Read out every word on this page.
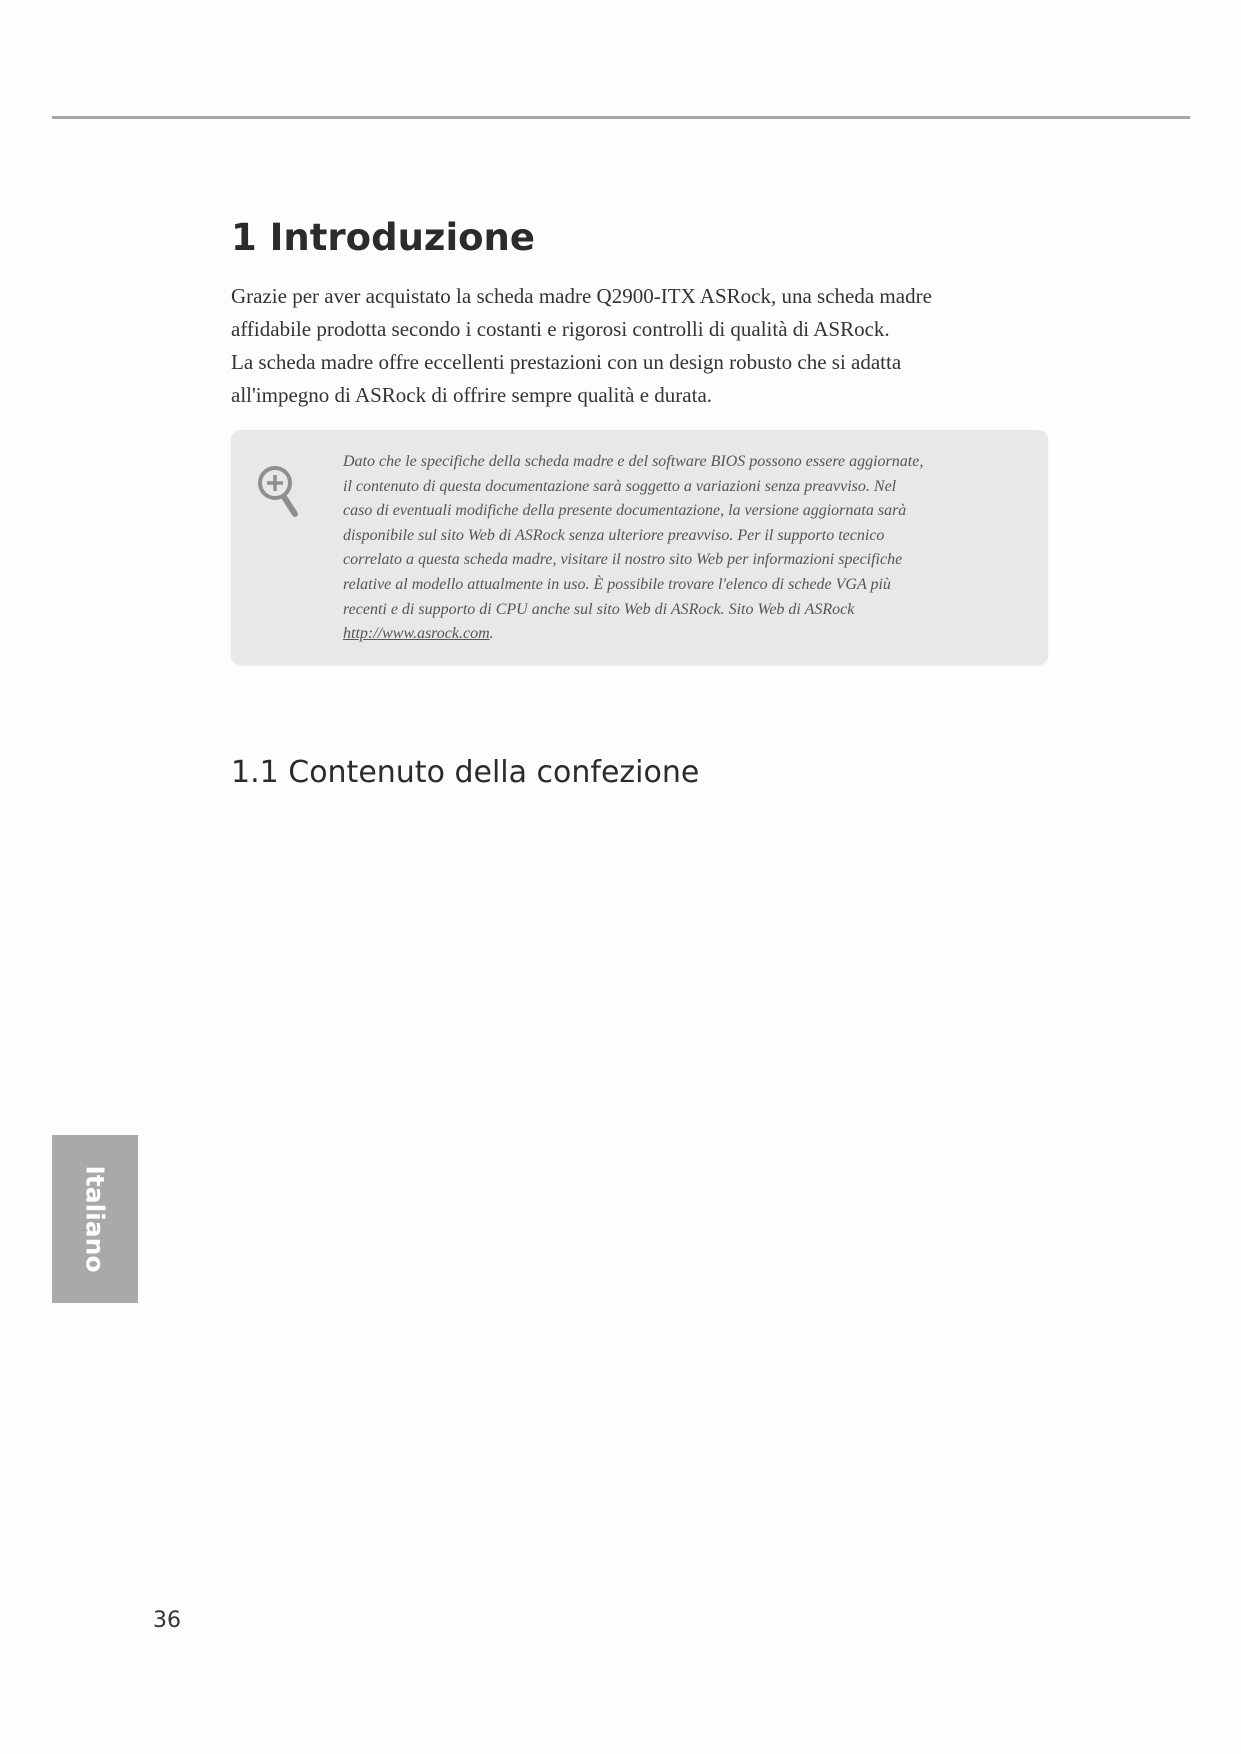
1 Introduzione
Grazie per aver acquistato la scheda madre Q2900-ITX ASRock, una scheda madre
affidabile prodotta secondo i costanti e rigorosi controlli di qualità di ASRock.
La scheda madre offre eccellenti prestazioni con un design robusto che si adatta
all'impegno di ASRock di offrire sempre qualità e durata.
Dato che le specifiche della scheda madre e del software BIOS possono essere aggiornate,
il contenuto di questa documentazione sarà soggetto a variazioni senza preavviso. Nel
caso di eventuali modifiche della presente documentazione, la versione aggiornata sarà
disponibile sul sito Web di ASRock senza ulteriore preavviso. Per il supporto tecnico
correlato a questa scheda madre, visitare il nostro sito Web per informazioni specifiche
relative al modello attualmente in uso. È possibile trovare l'elenco di schede VGA più
recenti e di supporto di CPU anche sul sito Web di ASRock. Sito Web di ASRock
http://www.asrock.com.
1.1 Contenuto della confezione
Italiano
36
